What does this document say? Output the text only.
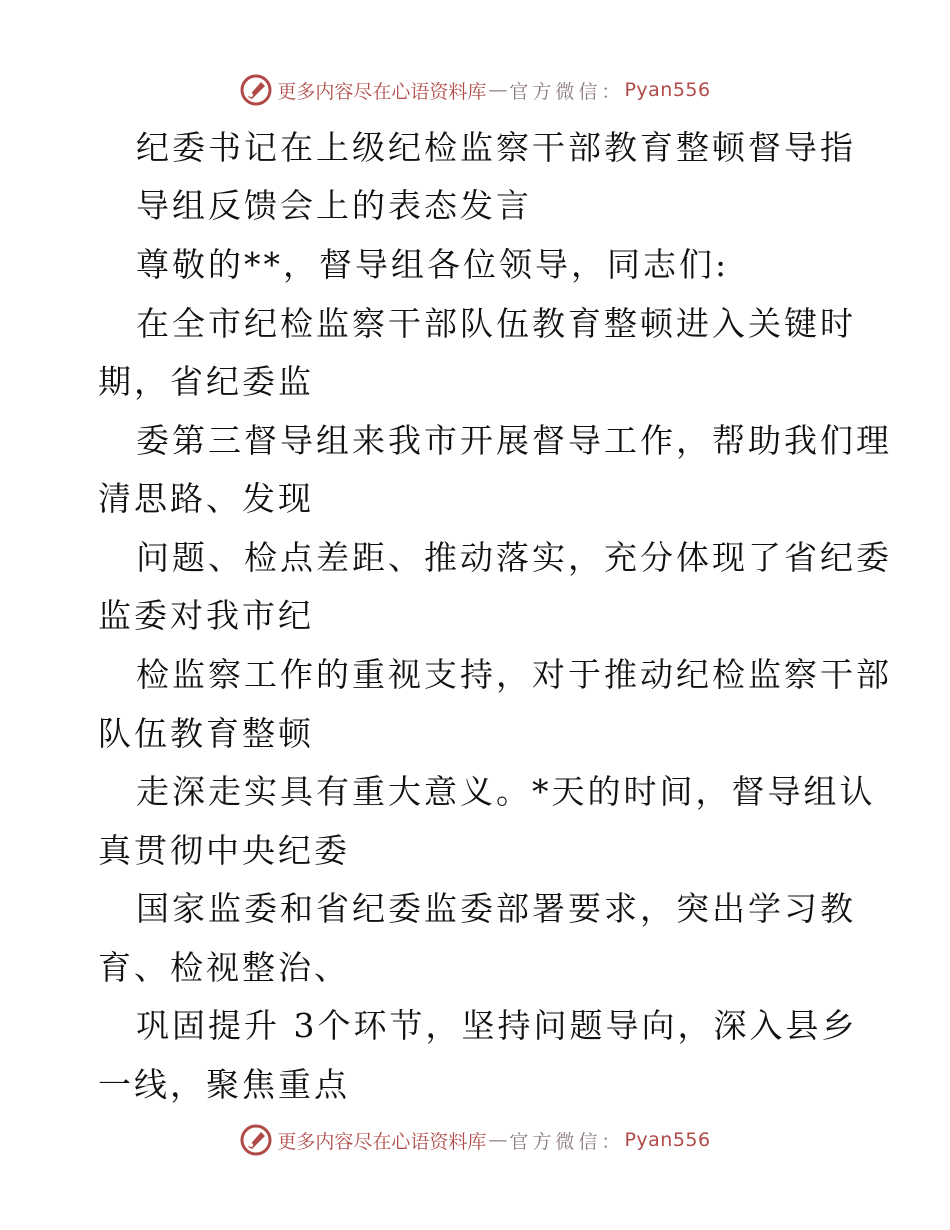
更多内容尽在心语资料库 — 官方微信： Pyan556
纪委书记在上级纪检监察干部教育整顿督导指
导组反馈会上的表态发言
尊敬的**，督导组各位领导，同志们:
在全市纪检监察干部队伍教育整顿进入关键时
期，省纪委监
委第三督导组来我市开展督导工作，帮助我们理
清思路、发现
问题、检点差距、推动落实，充分体现了省纪委
监委对我市纪
检监察工作的重视支持，对于推动纪检监察干部
队伍教育整顿
走深走实具有重大意义。*天的时间，督导组认
真贯彻中央纪委
国家监委和省纪委监委部署要求，突出学习教
育、检视整治、
巩固提升 3个环节，坚持问题导向，深入县乡
一线，聚焦重点
更多内容尽在心语资料库 — 官方微信： Pyan556
